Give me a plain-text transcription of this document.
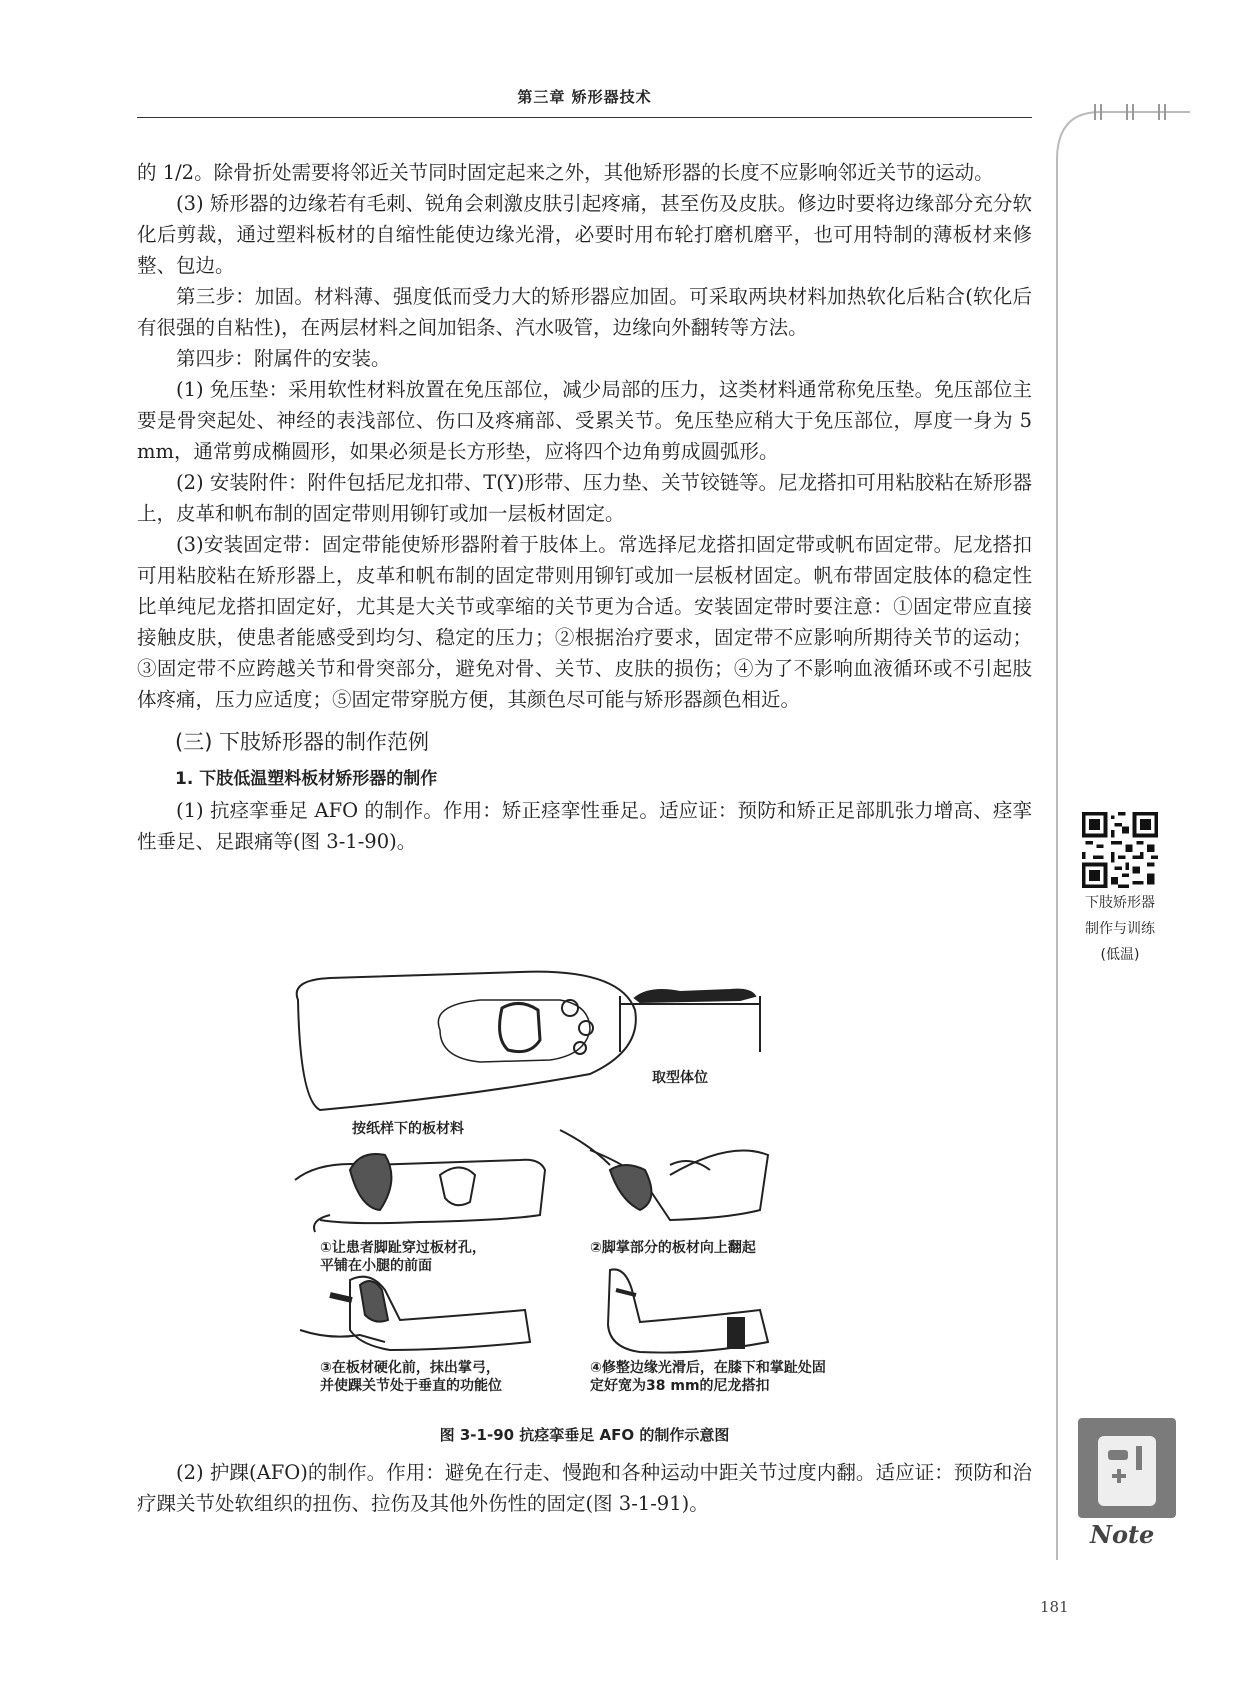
第三章 矫形器技术

的 1/2。除骨折处需要将邻近关节同时固定起来之外，其他矫形器的长度不应影响邻近关节的运动。

(3) 矫形器的边缘若有毛刺、锐角会刺激皮肤引起疼痛，甚至伤及皮肤。修边时要将边缘部分充分软化后剪裁，通过塑料板材的自缩性能使边缘光滑，必要时用布轮打磨机磨平，也可用特制的薄板材来修整、包边。

第三步：加固。材料薄、强度低而受力大的矫形器应加固。可采取两块材料加热软化后粘合(软化后有很强的自粘性)，在两层材料之间加铝条、汽水吸管，边缘向外翻转等方法。

第四步：附属件的安装。

(1) 免压垫：采用软性材料放置在免压部位，减少局部的压力，这类材料通常称免压垫。免压部位主要是骨突起处、神经的表浅部位、伤口及疼痛部、受累关节。免压垫应稍大于免压部位，厚度一身为 5 mm，通常剪成椭圆形，如果必须是长方形垫，应将四个边角剪成圆弧形。

(2) 安装附件：附件包括尼龙扣带、T(Y)形带、压力垫、关节铰链等。尼龙搭扣可用粘胶粘在矫形器上，皮革和帆布制的固定带则用铆钉或加一层板材固定。

(3)安装固定带：固定带能使矫形器附着于肢体上。常选择尼龙搭扣固定带或帆布固定带。尼龙搭扣可用粘胶粘在矫形器上，皮革和帆布制的固定带则用铆钉或加一层板材固定。帆布带固定肢体的稳定性比单纯尼龙搭扣固定好，尤其是大关节或挛缩的关节更为合适。安装固定带时要注意：①固定带应直接接触皮肤，使患者能感受到均匀、稳定的压力；②根据治疗要求，固定带不应影响所期待关节的运动；③固定带不应跨越关节和骨突部分，避免对骨、关节、皮肤的损伤；④为了不影响血液循环或不引起肢体疼痛，压力应适度；⑤固定带穿脱方便，其颜色尽可能与矫形器颜色相近。

(三) 下肢矫形器的制作范例

1. 下肢低温塑料板材矫形器的制作

(1) 抗痉挛垂足 AFO 的制作。作用：矫正痉挛性垂足。适应证：预防和矫正足部肌张力增高、痉挛性垂足、足跟痛等(图 3-1-90)。

按纸样下的板材料
取型体位
①让患者脚趾穿过板材孔，
平铺在小腿的前面
②脚掌部分的板材向上翻起
③在板材硬化前，抹出掌弓，
并使踝关节处于垂直的功能位
④修整边缘光滑后，在膝下和掌趾处固
定好宽为38 mm的尼龙搭扣
图 3-1-90 抗痉挛垂足 AFO 的制作示意图

(2) 护踝(AFO)的制作。作用：避免在行走、慢跑和各种运动中距关节过度内翻。适应证：预防和治疗踝关节处软组织的扭伤、拉伤及其他外伤性的固定(图 3-1-91)。

下肢矫形器
制作与训练
(低温)
Note
181
